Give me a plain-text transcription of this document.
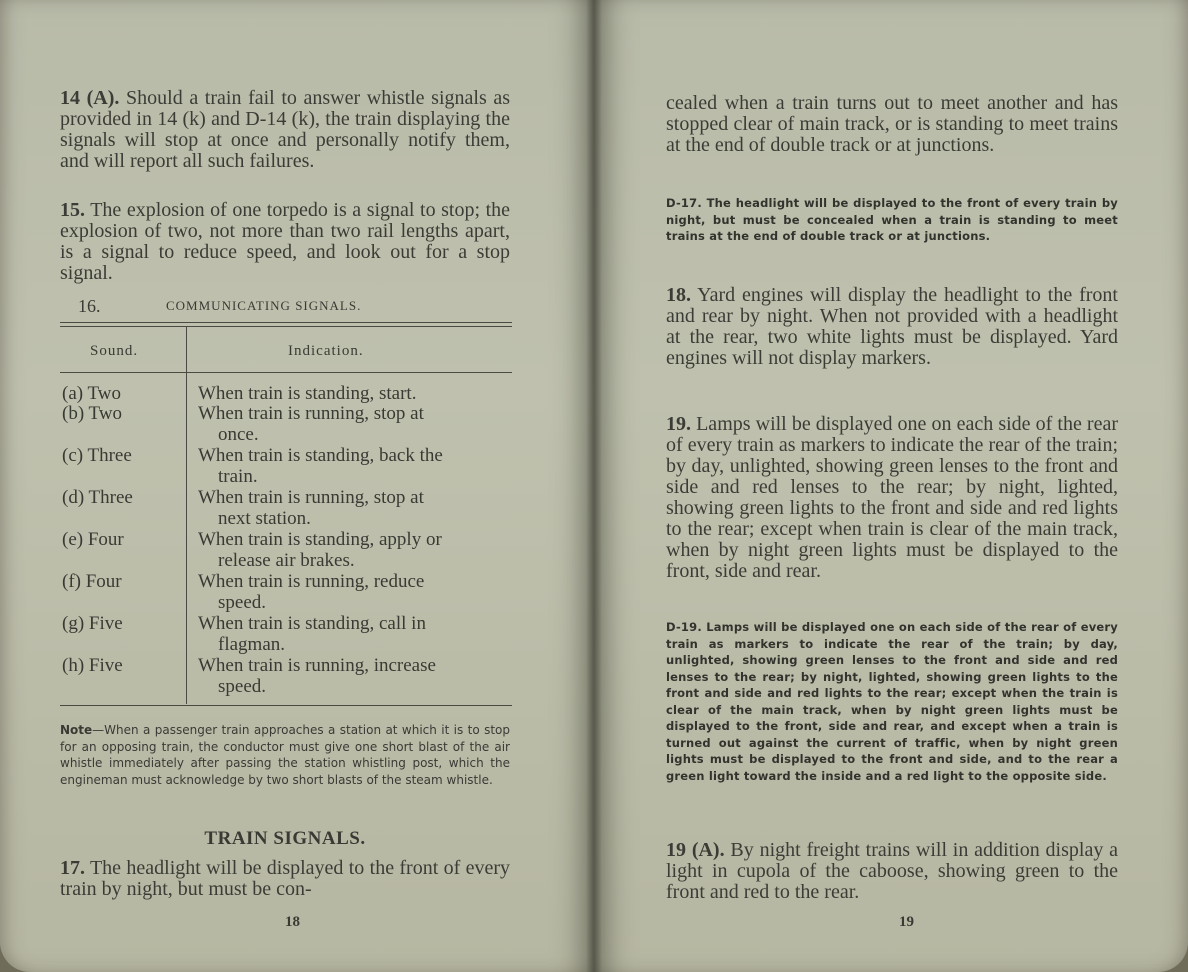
14 (A). Should a train fail to answer whistle signals as provided in 14 (k) and D-14 (k), the train displaying the signals will stop at once and personally notify them, and will report all such failures.
15. The explosion of one torpedo is a signal to stop; the explosion of two, not more than two rail lengths apart, is a signal to reduce speed, and look out for a stop signal.
16.	COMMUNICATING SIGNALS.
Sound.	Indication.
(a) Two	When train is standing, start.
(b) Two	When train is running, stop at
once.
(c) Three	When train is standing, back the
train.
(d) Three	When train is running, stop at
next station.
(e) Four	When train is standing, apply or
release air brakes.
(f) Four	When train is running, reduce
speed.
(g) Five	When train is standing, call in
flagman.
(h) Five	When train is running, increase
speed.
Note—When a passenger train approaches a station at which it is to stop for an opposing train, the conductor must give one short blast of the air whistle immediately after passing the station whistling post, which the engineman must acknowledge by two short blasts of the steam whistle.
TRAIN SIGNALS.
17. The headlight will be displayed to the front of every train by night, but must be con-
18
cealed when a train turns out to meet another and has stopped clear of main track, or is standing to meet trains at the end of double track or at junctions.
D-17. The headlight will be displayed to the front of every train by night, but must be concealed when a train is standing to meet trains at the end of double track or at junctions.
18. Yard engines will display the headlight to the front and rear by night. When not provided with a headlight at the rear, two white lights must be displayed. Yard engines will not display markers.
19. Lamps will be displayed one on each side of the rear of every train as markers to indicate the rear of the train; by day, unlighted, showing green lenses to the front and side and red lenses to the rear; by night, lighted, showing green lights to the front and side and red lights to the rear; except when train is clear of the main track, when by night green lights must be displayed to the front, side and rear.
D-19. Lamps will be displayed one on each side of the rear of every train as markers to indicate the rear of the train; by day, unlighted, showing green lenses to the front and side and red lenses to the rear; by night, lighted, showing green lights to the front and side and red lights to the rear; except when the train is clear of the main track, when by night green lights must be displayed to the front, side and rear, and except when a train is turned out against the current of traffic, when by night green lights must be displayed to the front and side, and to the rear a green light toward the inside and a red light to the opposite side.
19 (A). By night freight trains will in addition display a light in cupola of the caboose, showing green to the front and red to the rear.
19
